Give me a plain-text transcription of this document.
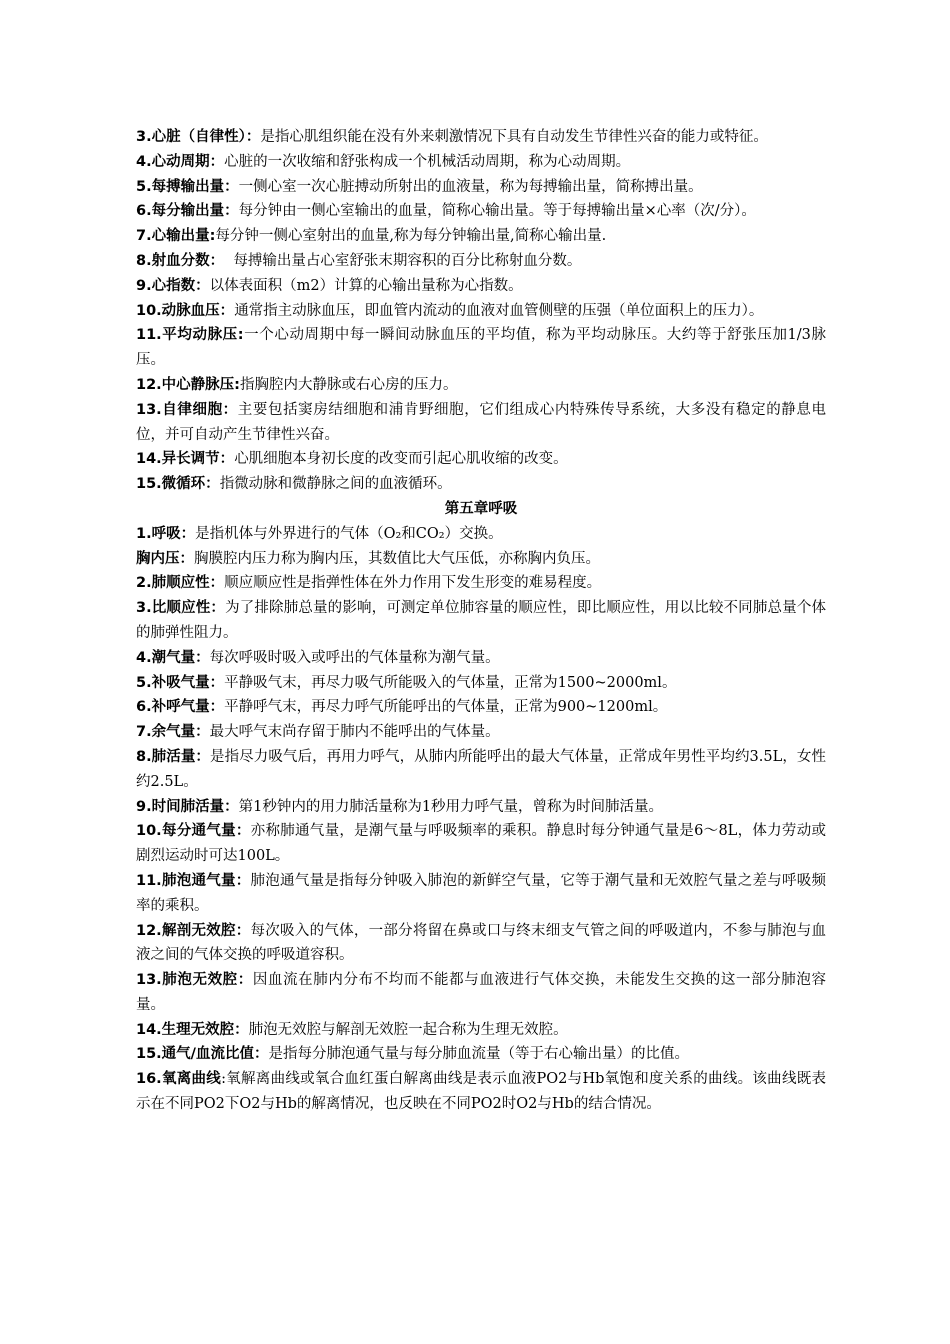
3.心脏（自律性）：是指心肌组织能在没有外来刺激情况下具有自动发生节律性兴奋的能力或特征。

4.心动周期：心脏的一次收缩和舒张构成一个机械活动周期，称为心动周期。

5.每搏输出量：一侧心室一次心脏搏动所射出的血液量，称为每搏输出量，简称搏出量。

6.每分输出量：每分钟由一侧心室输出的血量，简称心输出量。等于每搏输出量×心率（次/分）。

7.心输出量:每分钟一侧心室射出的血量,称为每分钟输出量,简称心输出量.

8.射血分数：  每搏输出量占心室舒张末期容积的百分比称射血分数。

9.心指数：以体表面积（m2）计算的心输出量称为心指数。

10.动脉血压：通常指主动脉血压，即血管内流动的血液对血管侧壁的压强（单位面积上的压力）。

11.平均动脉压:一个心动周期中每一瞬间动脉血压的平均值，称为平均动脉压。大约等于舒张压加1/3脉压。

12.中心静脉压:指胸腔内大静脉或右心房的压力。

13.自律细胞：主要包括窦房结细胞和浦肯野细胞，它们组成心内特殊传导系统，大多没有稳定的静息电位，并可自动产生节律性兴奋。

14.异长调节：心肌细胞本身初长度的改变而引起心肌收缩的改变。

15.微循环：指微动脉和微静脉之间的血液循环。

第五章呼吸

1.呼吸：是指机体与外界进行的气体（O₂和CO₂）交换。

胸内压：胸膜腔内压力称为胸内压，其数值比大气压低，亦称胸内负压。

2.肺顺应性：顺应顺应性是指弹性体在外力作用下发生形变的难易程度。

3.比顺应性：为了排除肺总量的影响，可测定单位肺容量的顺应性，即比顺应性，用以比较不同肺总量个体的肺弹性阻力。

4.潮气量：每次呼吸时吸入或呼出的气体量称为潮气量。

5.补吸气量：平静吸气末，再尽力吸气所能吸入的气体量，正常为1500~2000ml。

6.补呼气量：平静呼气末，再尽力呼气所能呼出的气体量，正常为900~1200ml。

7.余气量：最大呼气末尚存留于肺内不能呼出的气体量。

8.肺活量：是指尽力吸气后，再用力呼气，从肺内所能呼出的最大气体量，正常成年男性平均约3.5L，女性约2.5L。

9.时间肺活量：第1秒钟内的用力肺活量称为1秒用力呼气量，曾称为时间肺活量。

10.每分通气量：亦称肺通气量，是潮气量与呼吸频率的乘积。静息时每分钟通气量是6～8L，体力劳动或剧烈运动时可达100L。

11.肺泡通气量：肺泡通气量是指每分钟吸入肺泡的新鲜空气量，它等于潮气量和无效腔气量之差与呼吸频率的乘积。

12.解剖无效腔：每次吸入的气体，一部分将留在鼻或口与终末细支气管之间的呼吸道内，不参与肺泡与血液之间的气体交换的呼吸道容积。

13.肺泡无效腔：因血流在肺内分布不均而不能都与血液进行气体交换，未能发生交换的这一部分肺泡容量。

14.生理无效腔：肺泡无效腔与解剖无效腔一起合称为生理无效腔。

15.通气/血流比值：是指每分肺泡通气量与每分肺血流量（等于右心输出量）的比值。

16.氧离曲线:氧解离曲线或氧合血红蛋白解离曲线是表示血液PO2与Hb氧饱和度关系的曲线。该曲线既表示在不同PO2下O2与Hb的解离情况，也反映在不同PO2时O2与Hb的结合情况。
